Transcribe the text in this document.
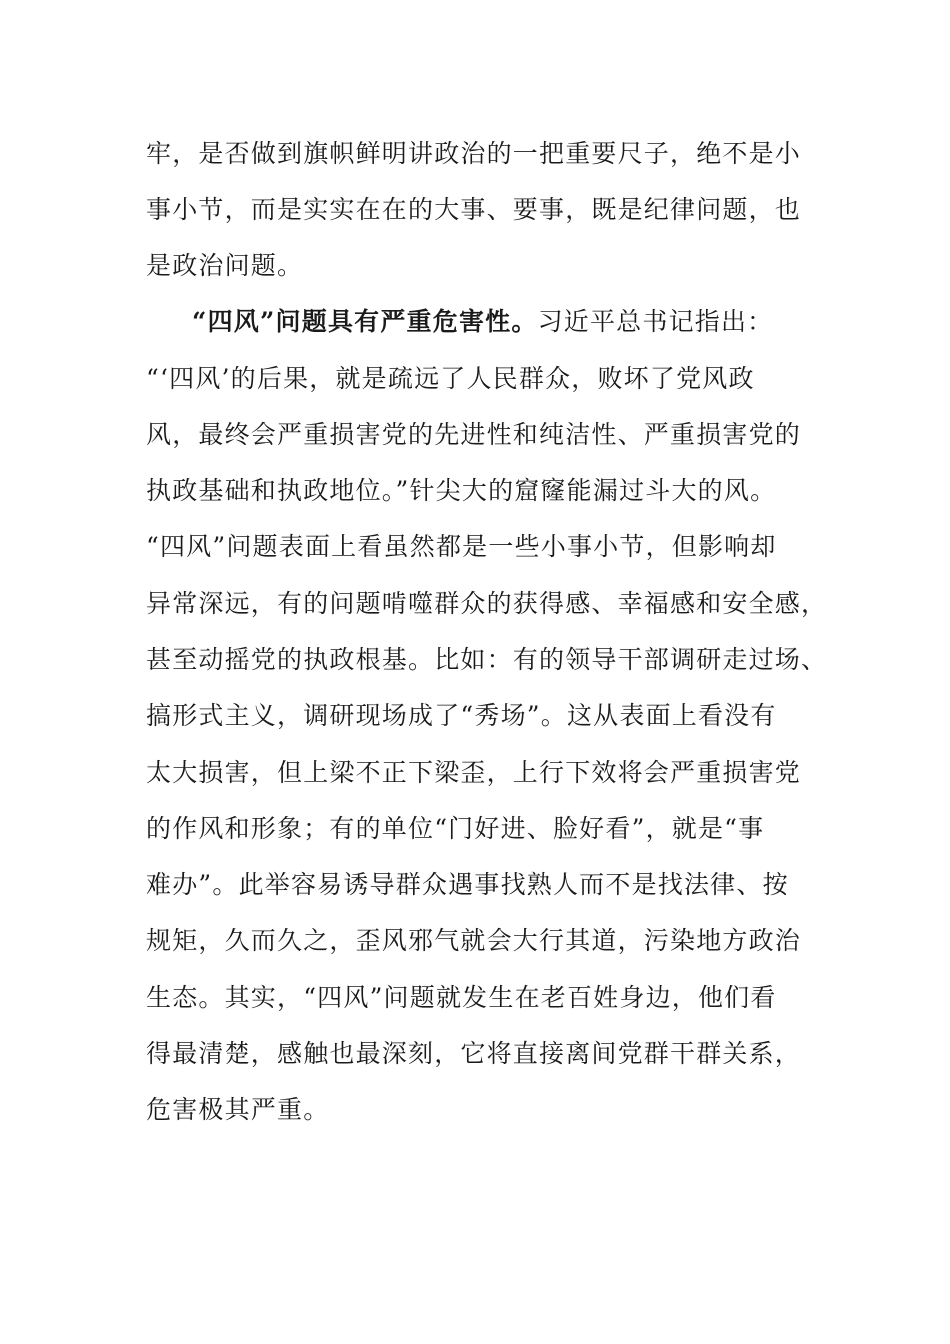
牢，是否做到旗帜鲜明讲政治的一把重要尺子，绝不是小
事小节，而是实实在在的大事、要事，既是纪律问题，也
是政治问题。
“四风”问题具有严重危害性。习近平总书记指出：
“‘四风’的后果，就是疏远了人民群众，败坏了党风政
风，最终会严重损害党的先进性和纯洁性、严重损害党的
执政基础和执政地位。”针尖大的窟窿能漏过斗大的风。
“四风”问题表面上看虽然都是一些小事小节，但影响却
异常深远，有的问题啃噬群众的获得感、幸福感和安全感，
甚至动摇党的执政根基。比如：有的领导干部调研走过场、
搞形式主义，调研现场成了“秀场”。这从表面上看没有
太大损害，但上梁不正下梁歪，上行下效将会严重损害党
的作风和形象；有的单位“门好进、脸好看”，就是“事
难办”。此举容易诱导群众遇事找熟人而不是找法律、按
规矩，久而久之，歪风邪气就会大行其道，污染地方政治
生态。其实，“四风”问题就发生在老百姓身边，他们看
得最清楚，感触也最深刻，它将直接离间党群干群关系，
危害极其严重。
